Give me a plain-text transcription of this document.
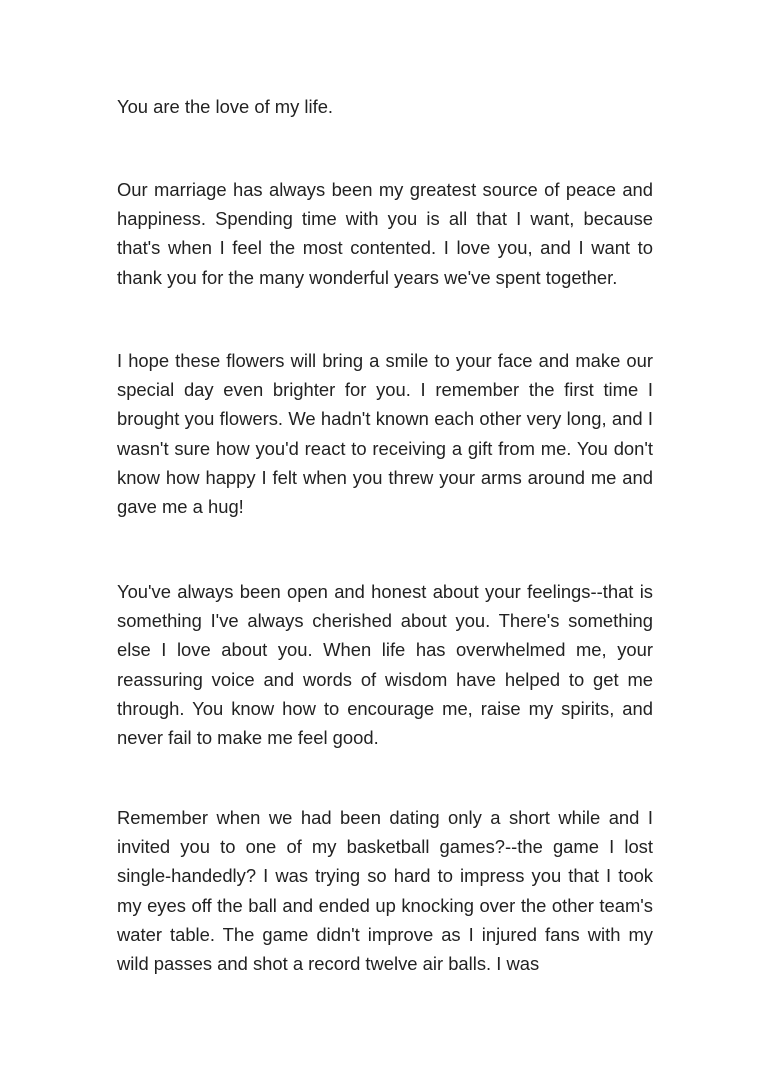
You are the love of my life.

Our marriage has always been my greatest source of peace and happiness. Spending time with you is all that I want, because that's when I feel the most contented. I love you, and I want to thank you for the many wonderful years we've spent together.

I hope these flowers will bring a smile to your face and make our special day even brighter for you. I remember the first time I brought you flowers. We hadn't known each other very long, and I wasn't sure how you'd react to receiving a gift from me. You don't know how happy I felt when you threw your arms around me and gave me a hug!

You've always been open and honest about your feelings--that is something I've always cherished about you. There's something else I love about you. When life has overwhelmed me, your reassuring voice and words of wisdom have helped to get me through. You know how to encourage me, raise my spirits, and never fail to make me feel good.

Remember when we had been dating only a short while and I invited you to one of my basketball games?--the game I lost single-handedly? I was trying so hard to impress you that I took my eyes off the ball and ended up knocking over the other team's water table. The game didn't improve as I injured fans with my wild passes and shot a record twelve air balls. I was
